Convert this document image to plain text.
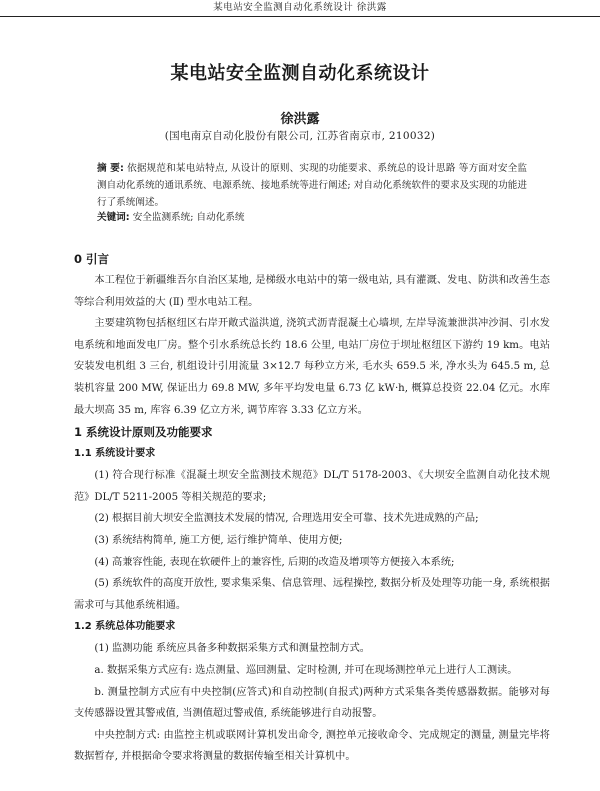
某电站安全监测自动化系统设计 徐洪露
某电站安全监测自动化系统设计
徐洪露
(国电南京自动化股份有限公司, 江苏省南京市, 210032)
摘 要: 依据规范和某电站特点, 从设计的原则、实现的功能要求、系统总的设计思路 等方面对安全监测自动化系统的通讯系统、电源系统、接地系统等进行阐述; 对自动化系统软件的要求及实现的功能进行了系统阐述。
关键词: 安全监测系统; 自动化系统
0 引言

本工程位于新疆维吾尔自治区某地, 是梯级水电站中的第一级电站, 具有灌溉、发电、防洪和改善生态等综合利用效益的大 (Ⅱ) 型水电站工程。

主要建筑物包括枢纽区右岸开敞式溢洪道, 浇筑式沥青混凝土心墙坝, 左岸导流兼泄洪冲沙洞、引水发电系统和地面发电厂房。整个引水系统总长约 18.6 公里, 电站厂房位于坝址枢纽区下游约 19 km。电站安装发电机组 3 三台, 机组设计引用流量 3×12.7 每秒立方米, 毛水头 659.5 米, 净水头为 645.5 m, 总装机容量 200 MW, 保证出力 69.8 MW, 多年平均发电量 6.73 亿 kW·h, 概算总投资 22.04 亿元。水库最大坝高 35 m, 库容 6.39 亿立方米, 调节库容 3.33 亿立方米。

1 系统设计原则及功能要求
1.1 系统设计要求

(1) 符合现行标准《混凝土坝安全监测技术规范》DL/T 5178-2003、《大坝安全监测自动化技术规范》DL/T 5211-2005 等相关规范的要求;

(2) 根据目前大坝安全监测技术发展的情况, 合理选用安全可靠、技术先进成熟的产品;

(3) 系统结构简单, 施工方便, 运行维护简单、使用方便;

(4) 高兼容性能, 表现在软硬件上的兼容性, 后期的改造及增项等方便接入本系统;

(5) 系统软件的高度开放性, 要求集采集、信息管理、远程操控, 数据分析及处理等功能一身, 系统根据需求可与其他系统相通。

1.2 系统总体功能要求

(1) 监测功能 系统应具备多种数据采集方式和测量控制方式。

a. 数据采集方式应有: 选点测量、巡回测量、定时检测, 并可在现场测控单元上进行人工测读。

b. 测量控制方式应有中央控制(应答式)和自动控制(自报式)两种方式采集各类传感器数据。能够对每支传感器设置其警戒值, 当测值超过警戒值, 系统能够进行自动报警。

中央控制方式: 由监控主机或联网计算机发出命令, 测控单元接收命令、完成规定的测量, 测量完毕将数据暂存, 并根据命令要求将测量的数据传输至相关计算机中。
